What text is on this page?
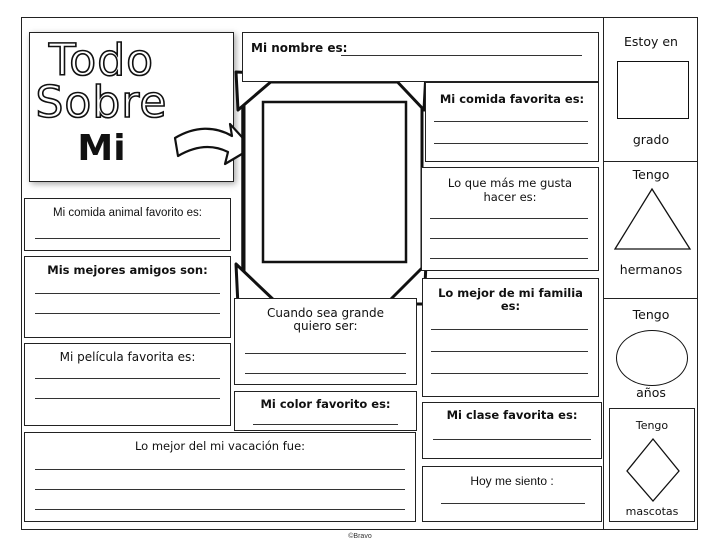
Todo
Sobre
Mi
Mi nombre es:
Mi comida favorita es:
Lo que más me gusta hacer es:
Mi comida animal favorito es:
Mis mejores amigos son:
Mi película favorita es:
Cuando sea grande quiero ser:
Lo mejor de mi familia es:
Mi color favorito es:
Mi clase favorita es:
Lo mejor del mi vacación fue:
Hoy me siento :
Estoy en
grado
Tengo
hermanos
Tengo
años
Tengo
mascotas
©Bravo
